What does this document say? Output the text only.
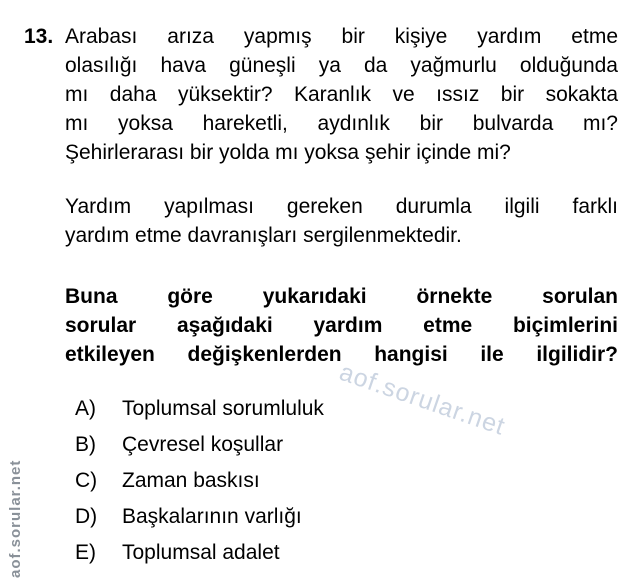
aof.sorular.net
aof.sorular.net
13. Arabası arıza yapmış bir kişiye yardım etme
olasılığı hava güneşli ya da yağmurlu olduğunda
mı daha yüksektir? Karanlık ve ıssız bir sokakta
mı yoksa hareketli, aydınlık bir bulvarda mı?
Şehirlerarası bir yolda mı yoksa şehir içinde mi?
Yardım yapılması gereken durumla ilgili farklı
yardım etme davranışları sergilenmektedir.
Buna göre yukarıdaki örnekte sorulan
sorular aşağıdaki yardım etme biçimlerini
etkileyen değişkenlerden hangisi ile ilgilidir?
A)	Toplumsal sorumluluk
B)	Çevresel koşullar
C)	Zaman baskısı
D)	Başkalarının varlığı
E)	Toplumsal adalet
